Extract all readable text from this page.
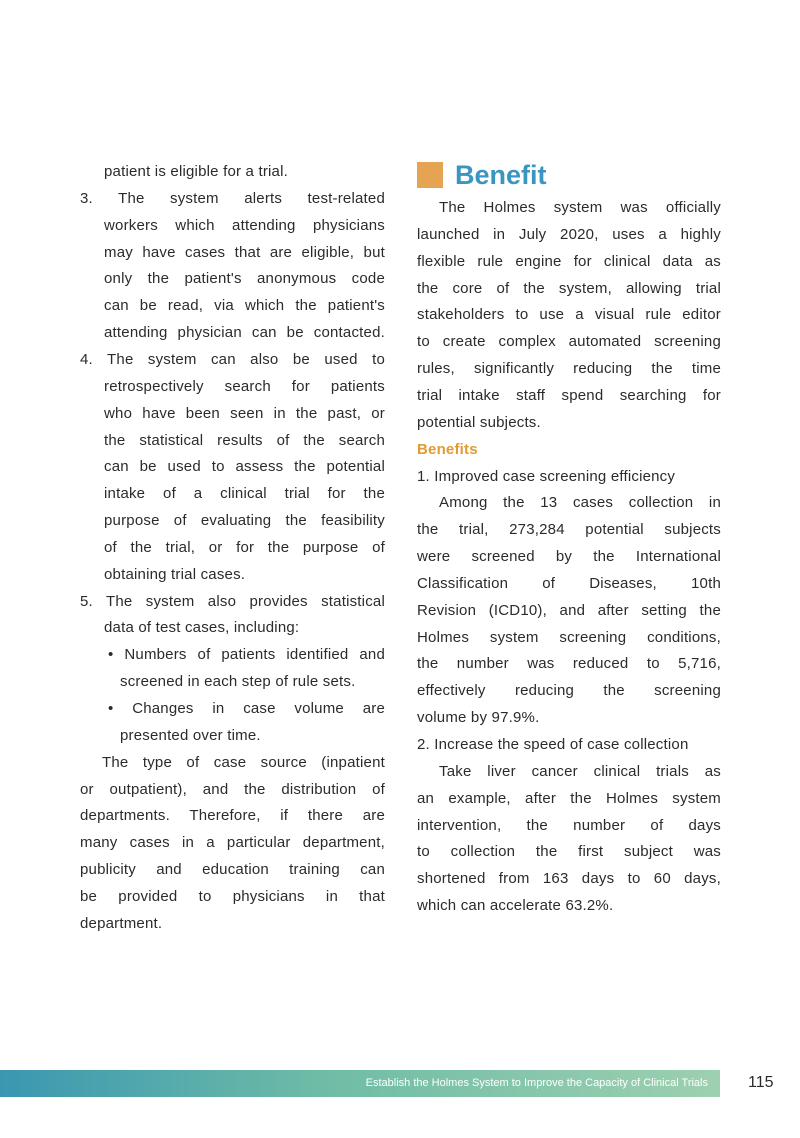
patient is eligible for a trial.
3. The system alerts test-related
workers which attending physicians
may have cases that are eligible, but
only the patient's anonymous code
can be read, via which the patient's
attending physician can be contacted.
4. The system can also be used to
retrospectively search for patients
who have been seen in the past, or
the statistical results of the search
can be used to assess the potential
intake of a clinical trial for the
purpose of evaluating the feasibility
of the trial, or for the purpose of
obtaining trial cases.
5. The system also provides statistical
data of test cases, including:
• Numbers of patients identified and
screened in each step of rule sets.
• Changes in case volume are
presented over time.
The type of case source (inpatient
or outpatient), and the distribution of
departments. Therefore, if there are
many cases in a particular department,
publicity and education training can
be provided to physicians in that
department.
Benefit
The Holmes system was officially
launched in July 2020, uses a highly
flexible rule engine for clinical data as
the core of the system, allowing trial
stakeholders to use a visual rule editor
to create complex automated screening
rules, significantly reducing the time
trial intake staff spend searching for
potential subjects.
Benefits
1. Improved case screening efficiency
Among the 13 cases collection in
the trial, 273,284 potential subjects
were screened by the International
Classification of Diseases, 10th
Revision (ICD10), and after setting the
Holmes system screening conditions,
the number was reduced to 5,716,
effectively reducing the screening
volume by 97.9%.
2. Increase the speed of case collection
Take liver cancer clinical trials as
an example, after the Holmes system
intervention, the number of days
to collection the first subject was
shortened from 163 days to 60 days,
which can accelerate 63.2%.
Establish the Holmes System to Improve the Capacity of Clinical Trials	115
